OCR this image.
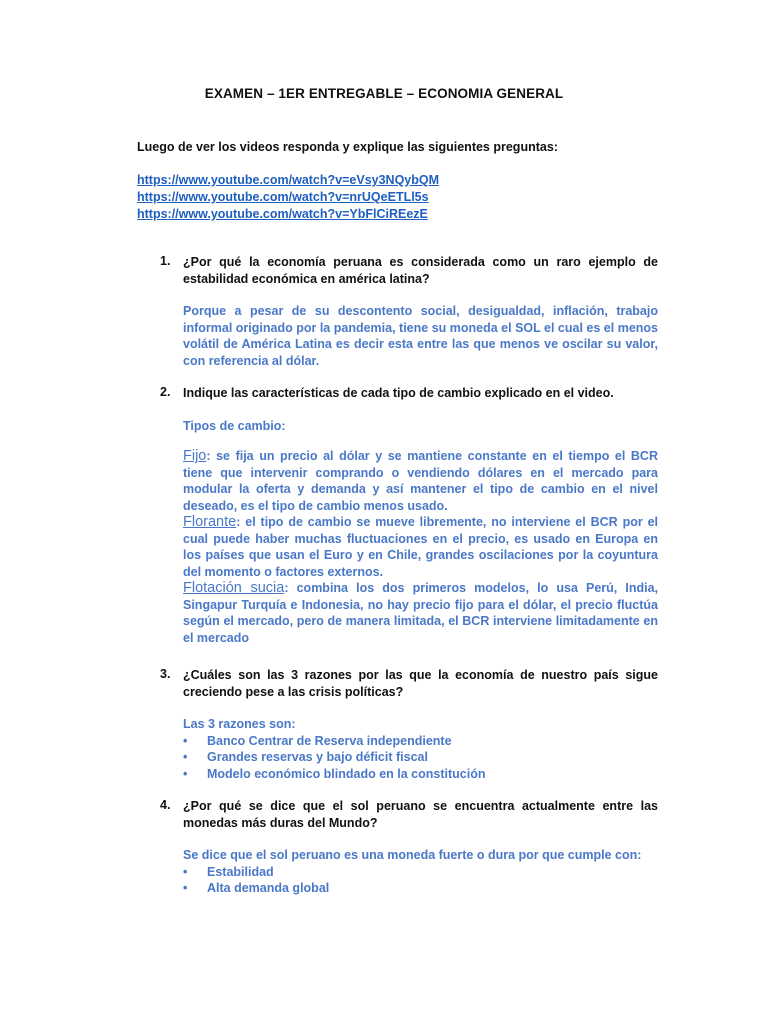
EXAMEN – 1ER ENTREGABLE – ECONOMIA GENERAL
Luego de ver los videos responda y explique las siguientes preguntas:
https://www.youtube.com/watch?v=eVsy3NQybQM
https://www.youtube.com/watch?v=nrUQeETLl5s
https://www.youtube.com/watch?v=YbFlCiREezE
1. ¿Por qué la economía peruana es considerada como un raro ejemplo de estabilidad económica en américa latina?
Porque a pesar de su descontento social, desigualdad, inflación, trabajo informal originado por la pandemia, tiene su moneda el SOL el cual es el menos volátil de América Latina es decir esta entre las que menos ve oscilar su valor, con referencia al dólar.
2. Indique las características de cada tipo de cambio explicado en el video.
Tipos de cambio:
Fijo: se fija un precio al dólar y se mantiene constante en el tiempo el BCR tiene que intervenir comprando o vendiendo dólares en el mercado para modular la oferta y demanda y así mantener el tipo de cambio en el nivel deseado, es el tipo de cambio menos usado.
Florante: el tipo de cambio se mueve libremente, no interviene el BCR por el cual puede haber muchas fluctuaciones en el precio, es usado en Europa en los países que usan el Euro y en Chile, grandes oscilaciones por la coyuntura del momento o factores externos.
Flotación sucia: combina los dos primeros modelos, lo usa Perú, India, Singapur Turquía e Indonesia, no hay precio fijo para el dólar, el precio fluctúa según el mercado, pero de manera limitada, el BCR interviene limitadamente en el mercado
3. ¿Cuáles son las 3 razones por las que la economía de nuestro país sigue creciendo pese a las crisis políticas?
Las 3 razones son:
• Banco Centrar de Reserva independiente
• Grandes reservas y bajo déficit fiscal
• Modelo económico blindado en la constitución
4. ¿Por qué se dice que el sol peruano se encuentra actualmente entre las monedas más duras del Mundo?
Se dice que el sol peruano es una moneda fuerte o dura por que cumple con:
• Estabilidad
• Alta demanda global
